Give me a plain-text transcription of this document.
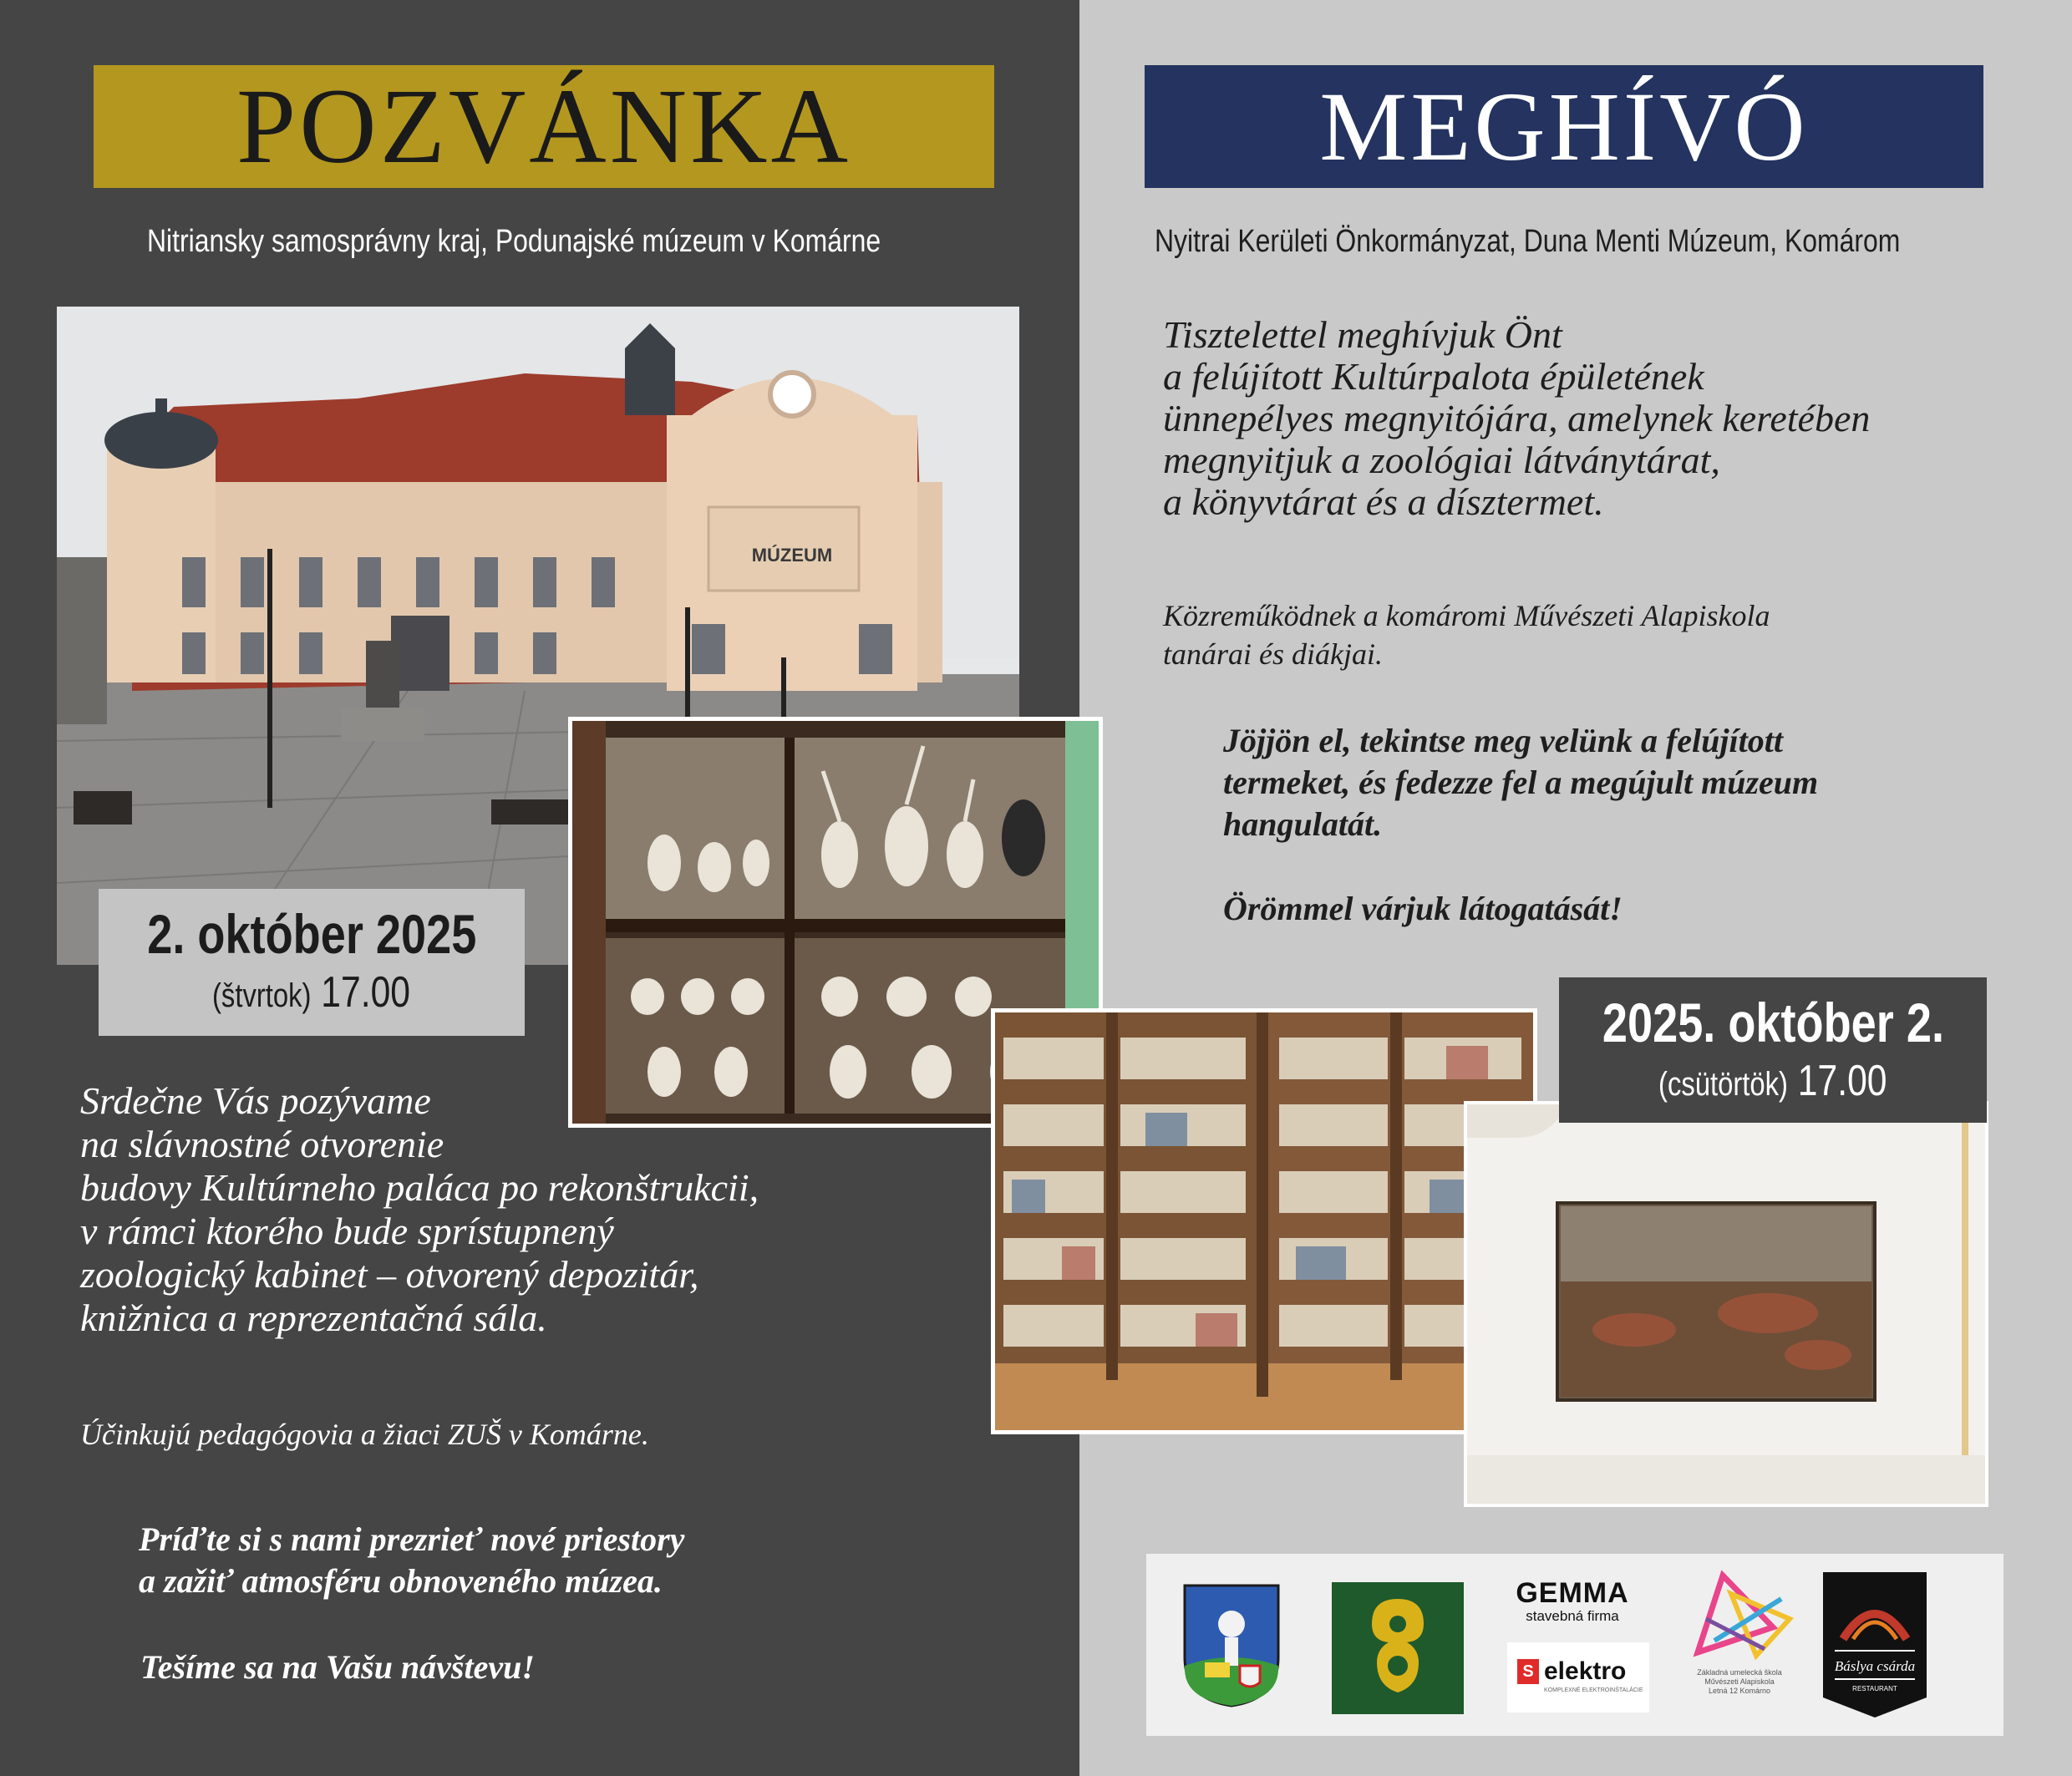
POZVÁNKA	MEGHÍVÓ
Nitriansky samosprávny kraj, Podunajské múzeum v Komárne	Nyitrai Kerületi Önkormányzat, Duna Menti Múzeum, Komárom
MÚZEUM
2. október 2025
(štvrtok) 17.00	2025. október 2.
(csütörtök) 17.00

Srdečne Vás pozývame

na slávnostné otvorenie

budovy Kultúrneho paláca po rekonštrukcii,

v rámci ktorého bude sprístupnený

zoologický kabinet – otvorený depozitár,

knižnica a reprezentačná sála.

Účinkujú pedagógovia a žiaci ZUŠ v Komárne.

Príďte si s nami prezrieť nové priestory

a zažiť atmosféru obnoveného múzea.

Tešíme sa na Vašu návštevu!

Tisztelettel meghívjuk Önt

a felújított Kultúrpalota épületének

ünnepélyes megnyitójára, amelynek keretében

megnyitjuk a zoológiai látványtárat,

a könyvtárat és a dísztermet.

Közreműködnek a komáromi Művészeti Alapiskola

tanárai és diákjai.

Jöjjön el, tekintse meg velünk a felújított

termeket, és fedezze fel a megújult múzeum

hangulatát.

Örömmel várjuk látogatását!
GEMMA
stavebná firma
S elektro
KOMPLEXNÉ ELEKTROINŠTALÁCIE
Základná umelecká škola
Művészeti Alapiskola
Letná 12 Komárno
Báslya csárda
RESTAURANT
